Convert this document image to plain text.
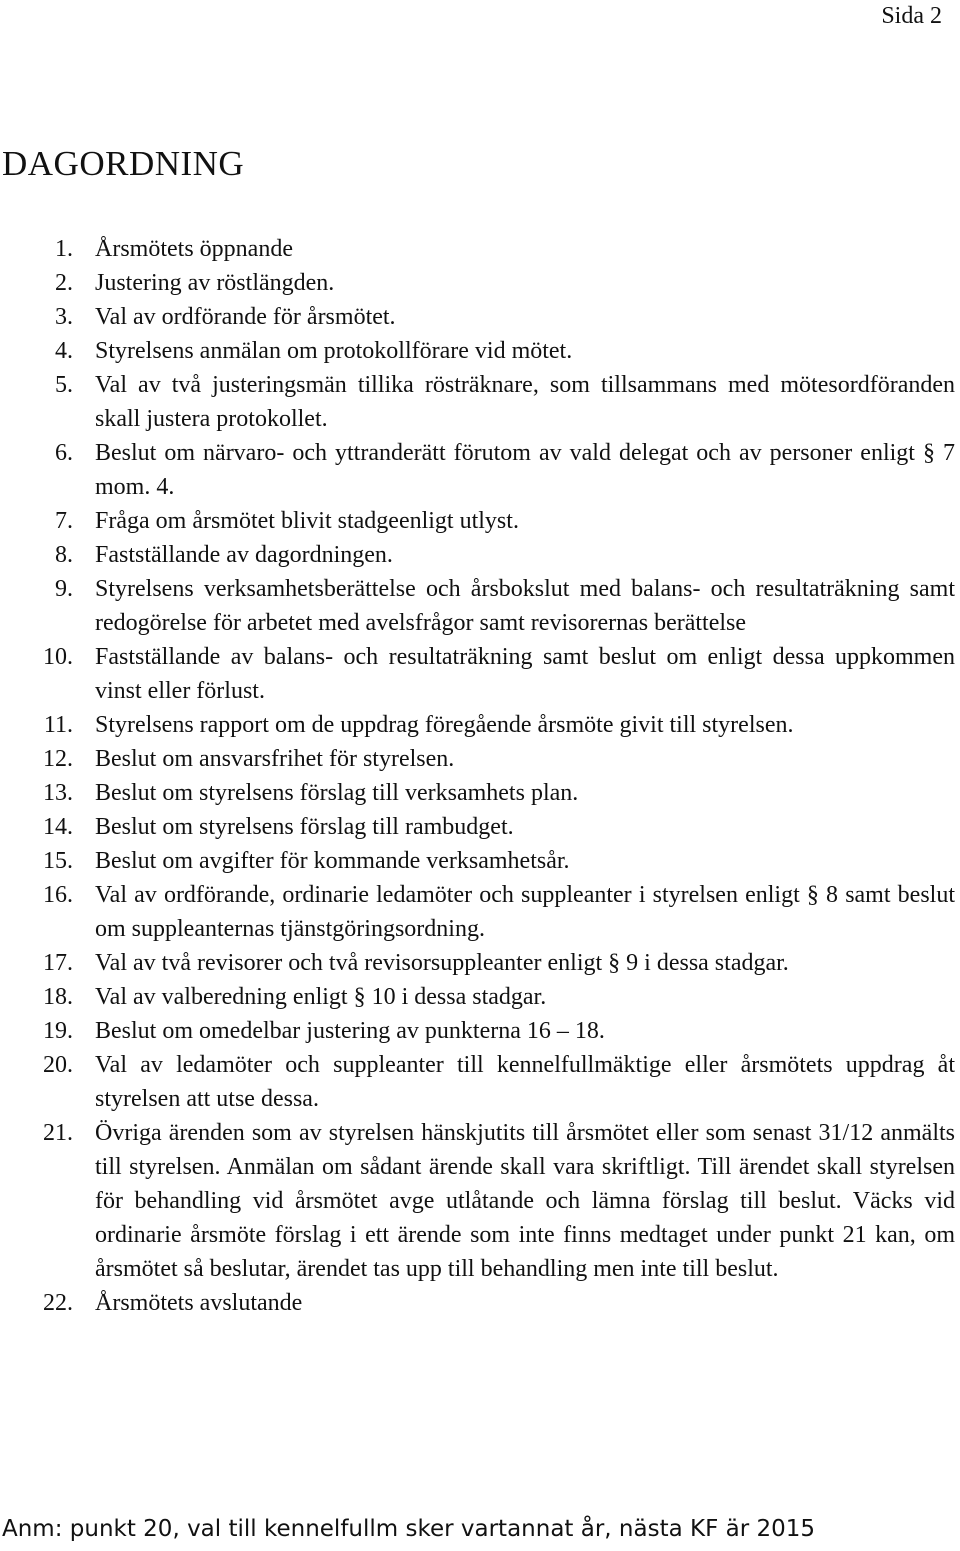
Sida 2
DAGORDNING
1. Årsmötets öppnande
2. Justering av röstlängden.
3. Val av ordförande för årsmötet.
4. Styrelsens anmälan om protokollförare vid mötet.
5. Val av två justeringsmän tillika rösträknare, som tillsammans med mötesordföranden skall justera protokollet.
6. Beslut om närvaro- och yttranderätt förutom av vald delegat och av personer enligt § 7 mom. 4.
7. Fråga om årsmötet blivit stadgeenligt utlyst.
8. Fastställande av dagordningen.
9. Styrelsens verksamhetsberättelse och årsbokslut med balans- och resultaträkning samt redogörelse för arbetet med avelsfrågor samt revisorernas berättelse
10. Fastställande av balans- och resultaträkning samt beslut om enligt dessa uppkommen vinst eller förlust.
11. Styrelsens rapport om de uppdrag föregående årsmöte givit till styrelsen.
12. Beslut om ansvarsfrihet för styrelsen.
13. Beslut om styrelsens förslag till verksamhets plan.
14. Beslut om styrelsens förslag till rambudget.
15. Beslut om avgifter för kommande verksamhetsår.
16. Val av ordförande, ordinarie ledamöter och suppleanter i styrelsen enligt § 8 samt beslut om suppleanternas tjänstgöringsordning.
17. Val av två revisorer och två revisorsuppleanter enligt § 9 i dessa stadgar.
18. Val av valberedning enligt § 10 i dessa stadgar.
19. Beslut om omedelbar justering av punkterna 16 – 18.
20. Val av ledamöter och suppleanter till kennelfullmäktige eller årsmötets uppdrag åt styrelsen att utse dessa.
21. Övriga ärenden som av styrelsen hänskjutits till årsmötet eller som senast 31/12 anmälts till styrelsen. Anmälan om sådant ärende skall vara skriftligt. Till ärendet skall styrelsen för behandling vid årsmötet avge utlåtande och lämna förslag till beslut. Väcks vid ordinarie årsmöte förslag i ett ärende som inte finns medtaget under punkt 21 kan, om årsmötet så beslutar, ärendet tas upp till behandling men inte till beslut.
22. Årsmötets avslutande
Anm: punkt 20, val till kennelfullm sker vartannat år, nästa KF är 2015
